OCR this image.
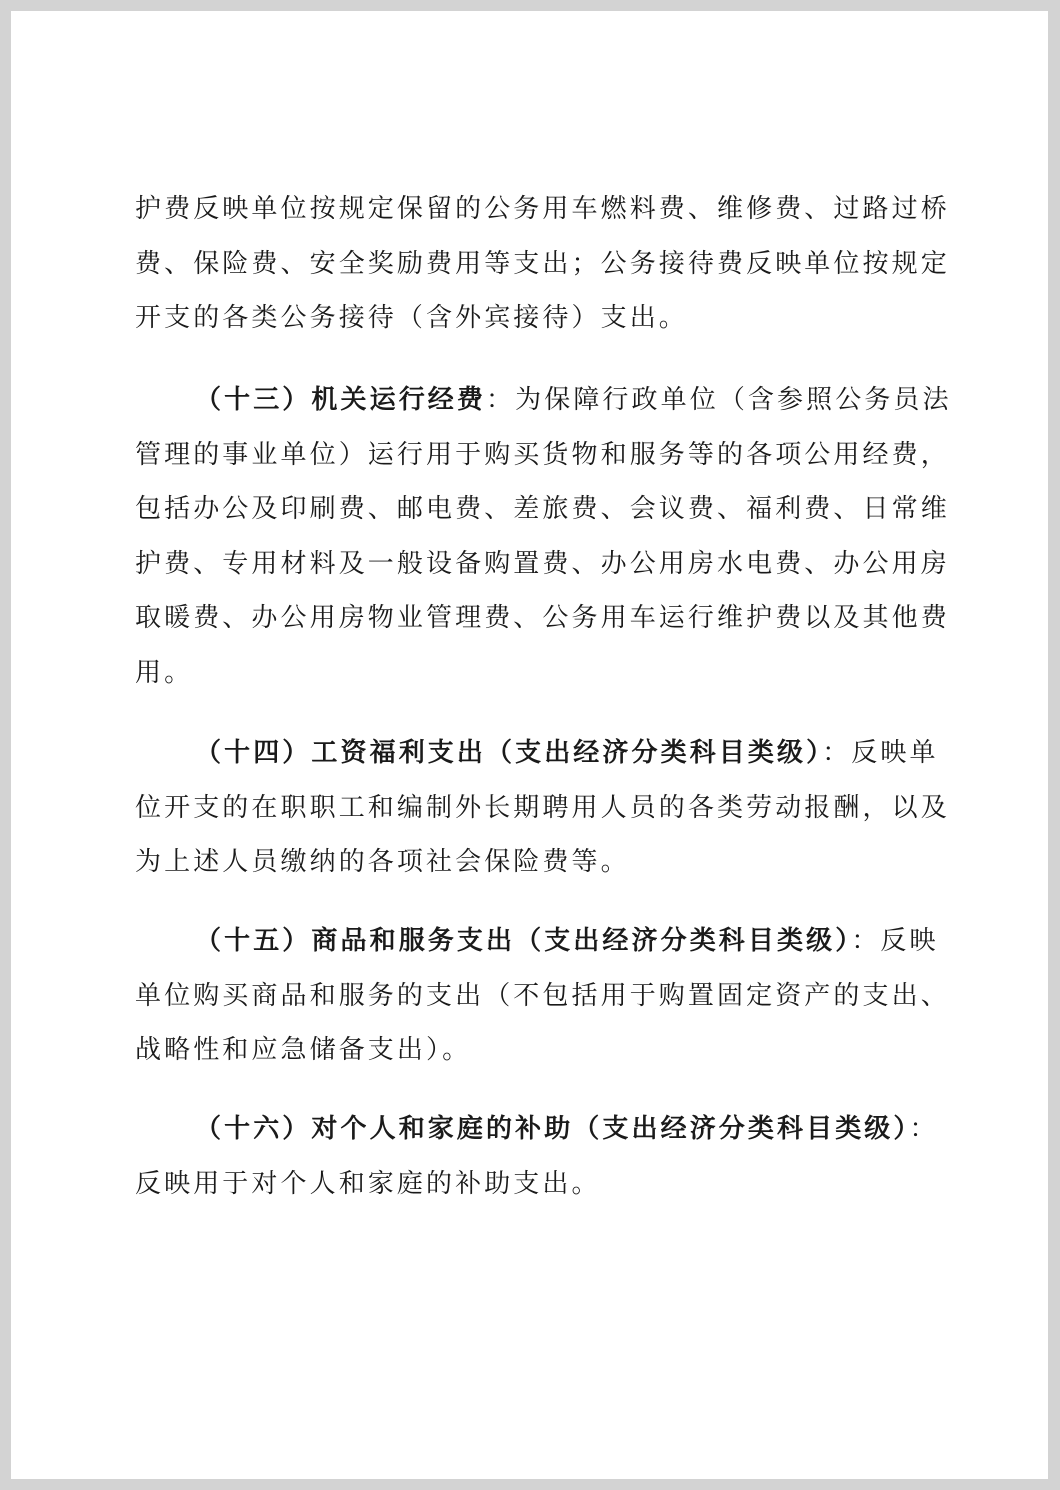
护费反映单位按规定保留的公务用车燃料费、维修费、过路过桥
费、保险费、安全奖励费用等支出；公务接待费反映单位按规定
开支的各类公务接待（含外宾接待）支出。
（十三）机关运行经费：为保障行政单位（含参照公务员法
管理的事业单位）运行用于购买货物和服务等的各项公用经费，
包括办公及印刷费、邮电费、差旅费、会议费、福利费、日常维
护费、专用材料及一般设备购置费、办公用房水电费、办公用房
取暖费、办公用房物业管理费、公务用车运行维护费以及其他费
用。
（十四）工资福利支出（支出经济分类科目类级）：反映单
位开支的在职职工和编制外长期聘用人员的各类劳动报酬，以及
为上述人员缴纳的各项社会保险费等。
（十五）商品和服务支出（支出经济分类科目类级）：反映
单位购买商品和服务的支出（不包括用于购置固定资产的支出、
战略性和应急储备支出）。
（十六）对个人和家庭的补助（支出经济分类科目类级）：
反映用于对个人和家庭的补助支出。
